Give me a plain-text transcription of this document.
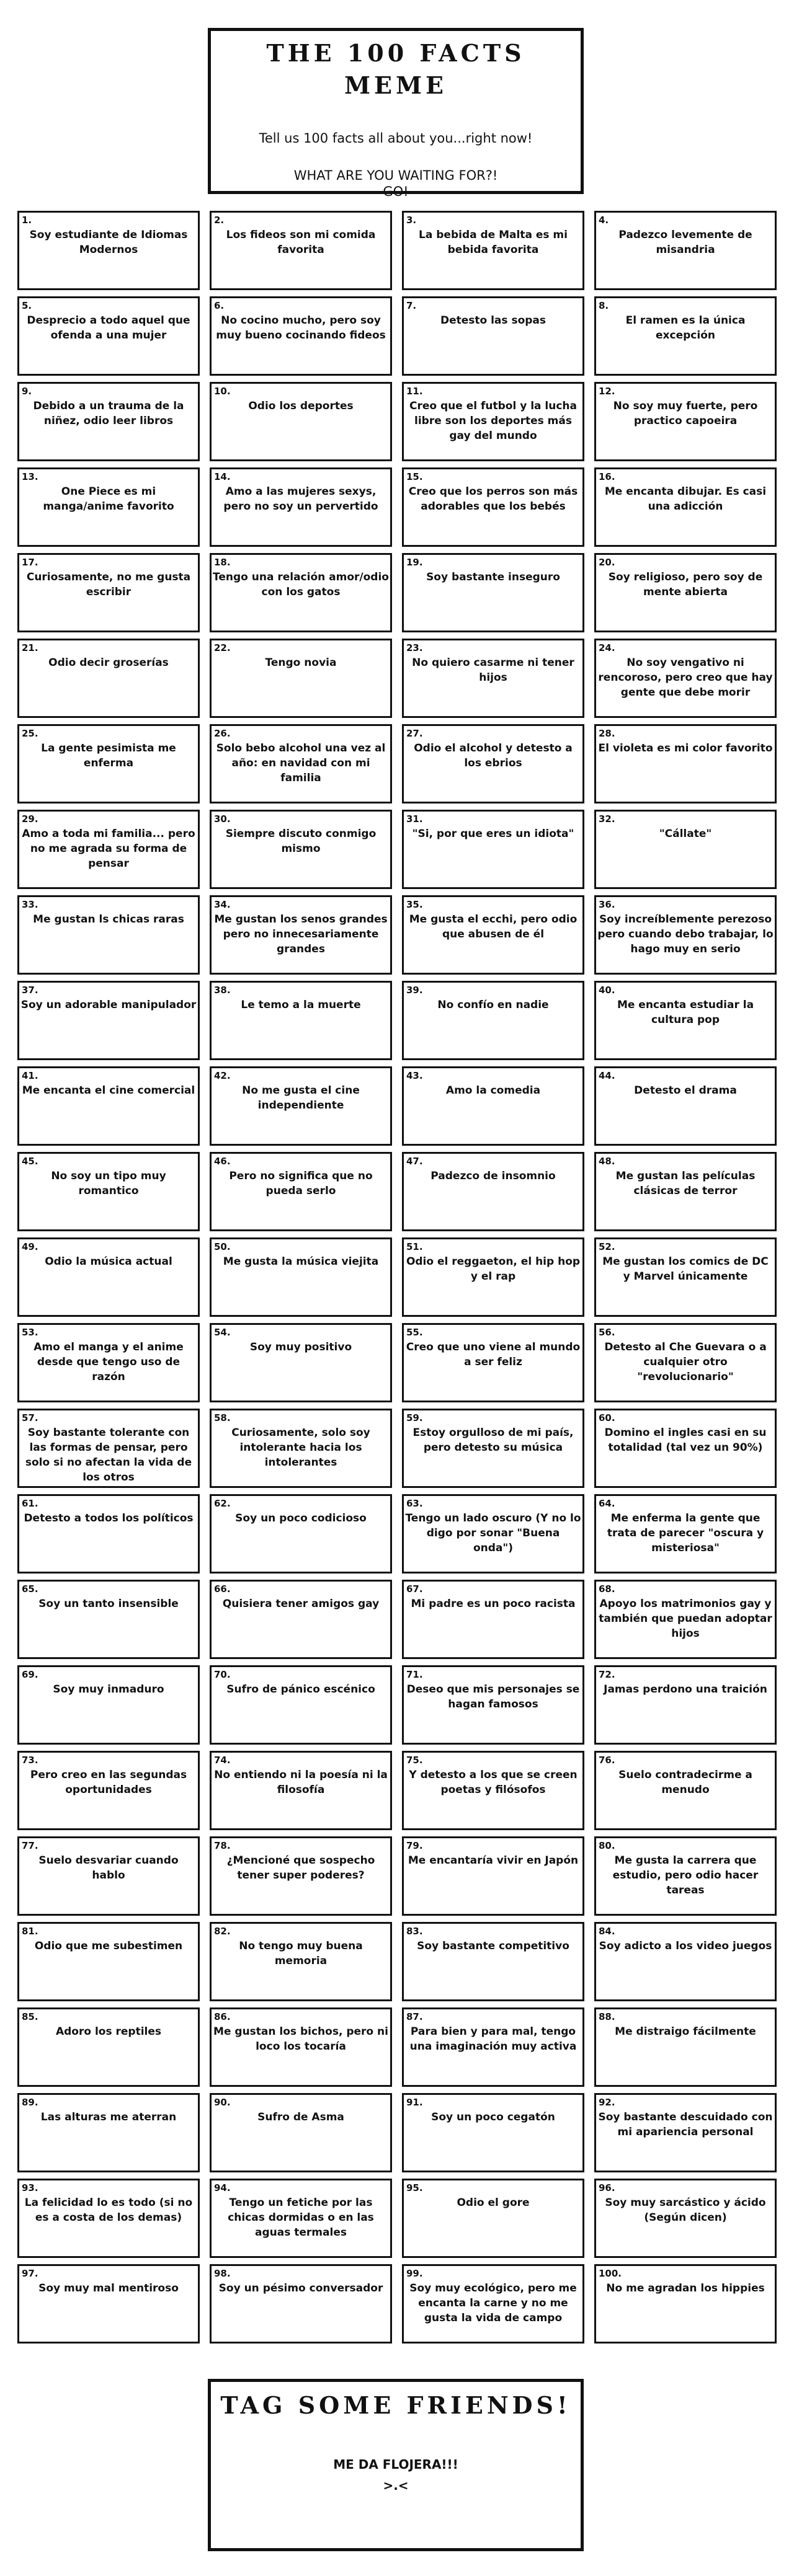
THE 100 FACTS MEME
Tell us 100 facts all about you...right now!
WHAT ARE YOU WAITING FOR?!
GO!
1.
Soy estudiante de Idiomas Modernos
2.
Los fideos son mi comida favorita
3.
La bebida de Malta es mi bebida favorita
4.
Padezco levemente de misandria
5.
Desprecio a todo aquel que ofenda a una mujer
6.
No cocino mucho, pero soy muy bueno cocinando fideos
7.
Detesto las sopas
8.
El ramen es la única excepción
9.
Debido a un trauma de la niñez, odio leer libros
10.
Odio los deportes
11.
Creo que el futbol y la lucha libre son los deportes más gay del mundo
12.
No soy muy fuerte, pero practico capoeira
13.
One Piece es mi manga/anime favorito
14.
Amo a las mujeres sexys, pero no soy un pervertido
15.
Creo que los perros son más adorables que los bebés
16.
Me encanta dibujar. Es casi una adicción
17.
Curiosamente, no me gusta escribir
18.
Tengo una relación amor/odio con los gatos
19.
Soy bastante inseguro
20.
Soy religioso, pero soy de mente abierta
21.
Odio decir groserías
22.
Tengo novia
23.
No quiero casarme ni tener hijos
24.
No soy vengativo ni rencoroso, pero creo que hay gente que debe morir
25.
La gente pesimista me enferma
26.
Solo bebo alcohol una vez al año: en navidad con mi familia
27.
Odio el alcohol y detesto a los ebrios
28.
El violeta es mi color favorito
29.
Amo a toda mi familia... pero no me agrada su forma de pensar
30.
Siempre discuto conmigo mismo
31.
"Si, por que eres un idiota"
32.
"Cállate"
33.
Me gustan ls chicas raras
34.
Me gustan los senos grandes pero no innecesariamente grandes
35.
Me gusta el ecchi, pero odio que abusen de él
36.
Soy increíblemente perezoso pero cuando debo trabajar, lo hago muy en serio
37.
Soy un adorable manipulador
38.
Le temo a la muerte
39.
No confío en nadie
40.
Me encanta estudiar la cultura pop
41.
Me encanta el cine comercial
42.
No me gusta el cine independiente
43.
Amo la comedia
44.
Detesto el drama
45.
No soy un tipo muy romantico
46.
Pero no significa que no pueda serlo
47.
Padezco de insomnio
48.
Me gustan las películas clásicas de terror
49.
Odio la música actual
50.
Me gusta la música viejita
51.
Odio el reggaeton, el hip hop y el rap
52.
Me gustan los comics de DC y Marvel únicamente
53.
Amo el manga y el anime desde que tengo uso de razón
54.
Soy muy positivo
55.
Creo que uno viene al mundo a ser feliz
56.
Detesto al Che Guevara o a cualquier otro "revolucionario"
57.
Soy bastante tolerante con las formas de pensar, pero solo si no afectan la vida de los otros
58.
Curiosamente, solo soy intolerante hacia los intolerantes
59.
Estoy orgulloso de mi país, pero detesto su música
60.
Domino el ingles casi en su totalidad (tal vez un 90%)
61.
Detesto a todos los políticos
62.
Soy un poco codicioso
63.
Tengo un lado oscuro (Y no lo digo por sonar "Buena onda")
64.
Me enferma la gente que trata de parecer "oscura y misteriosa"
65.
Soy un tanto insensible
66.
Quisiera tener amigos gay
67.
Mi padre es un poco racista
68.
Apoyo los matrimonios gay y también que puedan adoptar hijos
69.
Soy muy inmaduro
70.
Sufro de pánico escénico
71.
Deseo que mis personajes se hagan famosos
72.
Jamas perdono una traición
73.
Pero creo en las segundas oportunidades
74.
No entiendo ni la poesía ni la filosofía
75.
Y detesto a los que se creen poetas y filósofos
76.
Suelo contradecirme a menudo
77.
Suelo desvariar cuando hablo
78.
¿Mencioné que sospecho tener super poderes?
79.
Me encantaría vivir en Japón
80.
Me gusta la carrera que estudio, pero odio hacer tareas
81.
Odio que me subestimen
82.
No tengo muy buena memoria
83.
Soy bastante competitivo
84.
Soy adicto a los video juegos
85.
Adoro los reptiles
86.
Me gustan los bichos, pero ni loco los tocaría
87.
Para bien y para mal, tengo una imaginación muy activa
88.
Me distraigo fácilmente
89.
Las alturas me aterran
90.
Sufro de Asma
91.
Soy un poco cegatón
92.
Soy bastante descuidado con mi apariencia personal
93.
La felicidad lo es todo (si no es a costa de los demas)
94.
Tengo un fetiche por las chicas dormidas o en las aguas termales
95.
Odio el gore
96.
Soy muy sarcástico y ácido (Según dicen)
97.
Soy muy mal mentiroso
98.
Soy un pésimo conversador
99.
Soy muy ecológico, pero me encanta la carne y no me gusta la vida de campo
100.
No me agradan los hippies
TAG SOME FRIENDS!
ME DA FLOJERA!!!
>.<
